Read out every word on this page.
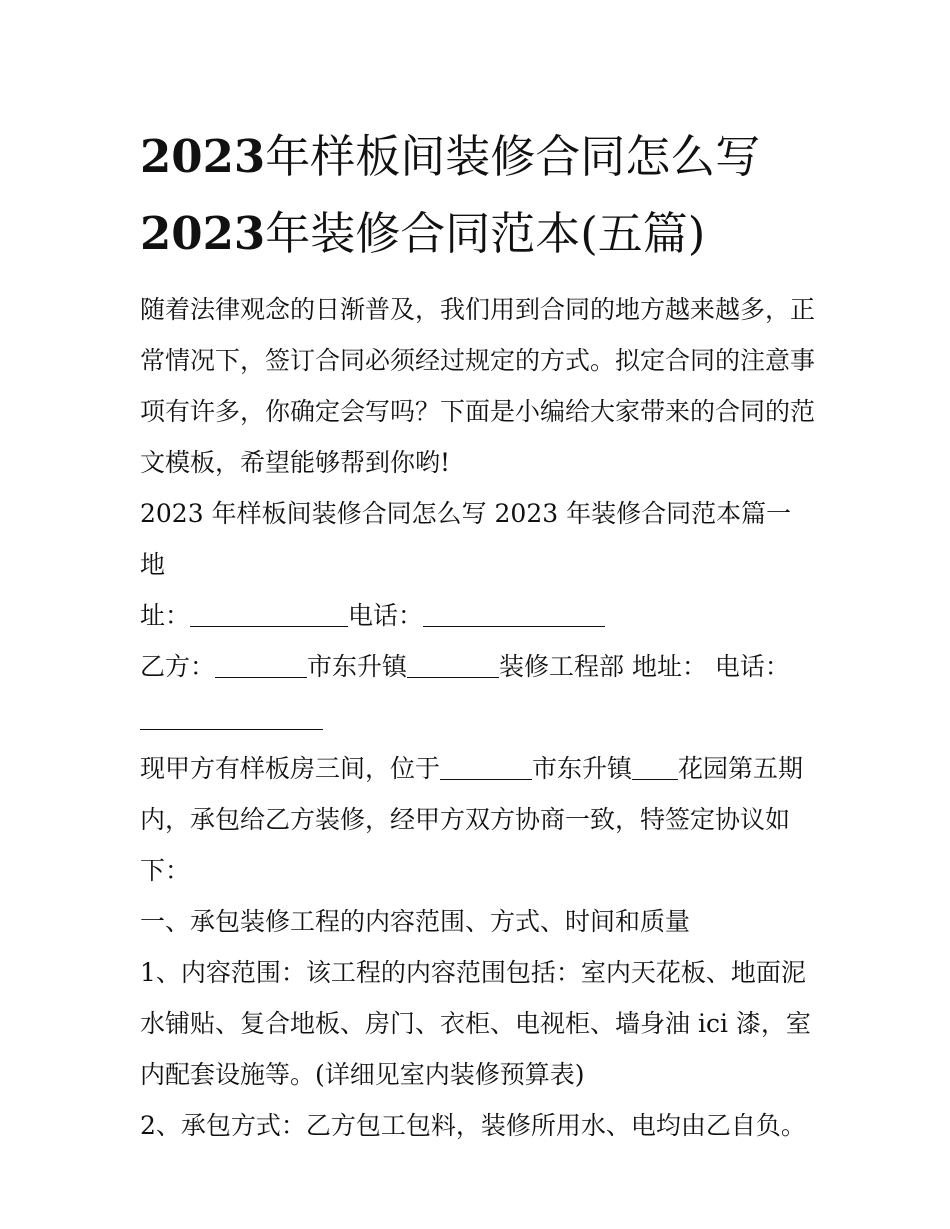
2023年样板间装修合同怎么写
2023年装修合同范本(五篇)

随着法律观念的日渐普及，我们用到合同的地方越来越多，正
常情况下，签订合同必须经过规定的方式。拟定合同的注意事
项有许多，你确定会写吗？下面是小编给大家带来的合同的范
文模板，希望能够帮到你哟!

2023 年样板间装修合同怎么写 2023 年装修合同范本篇一 地

址：	电话：

乙方：	市东升镇	装修工程部 地址： 电话：

现甲方有样板房三间，位于	市东升镇 花园第五期
内，承包给乙方装修，经甲方双方协商一致，特签定协议如
下：

一、承包装修工程的内容范围、方式、时间和质量

1、内容范围：该工程的内容范围包括：室内天花板、地面泥
水铺贴、复合地板、房门、衣柜、电视柜、墙身油 ici 漆，室
内配套设施等。(详细见室内装修预算表)

2、承包方式：乙方包工包料，装修所用水、电均由乙自负。
